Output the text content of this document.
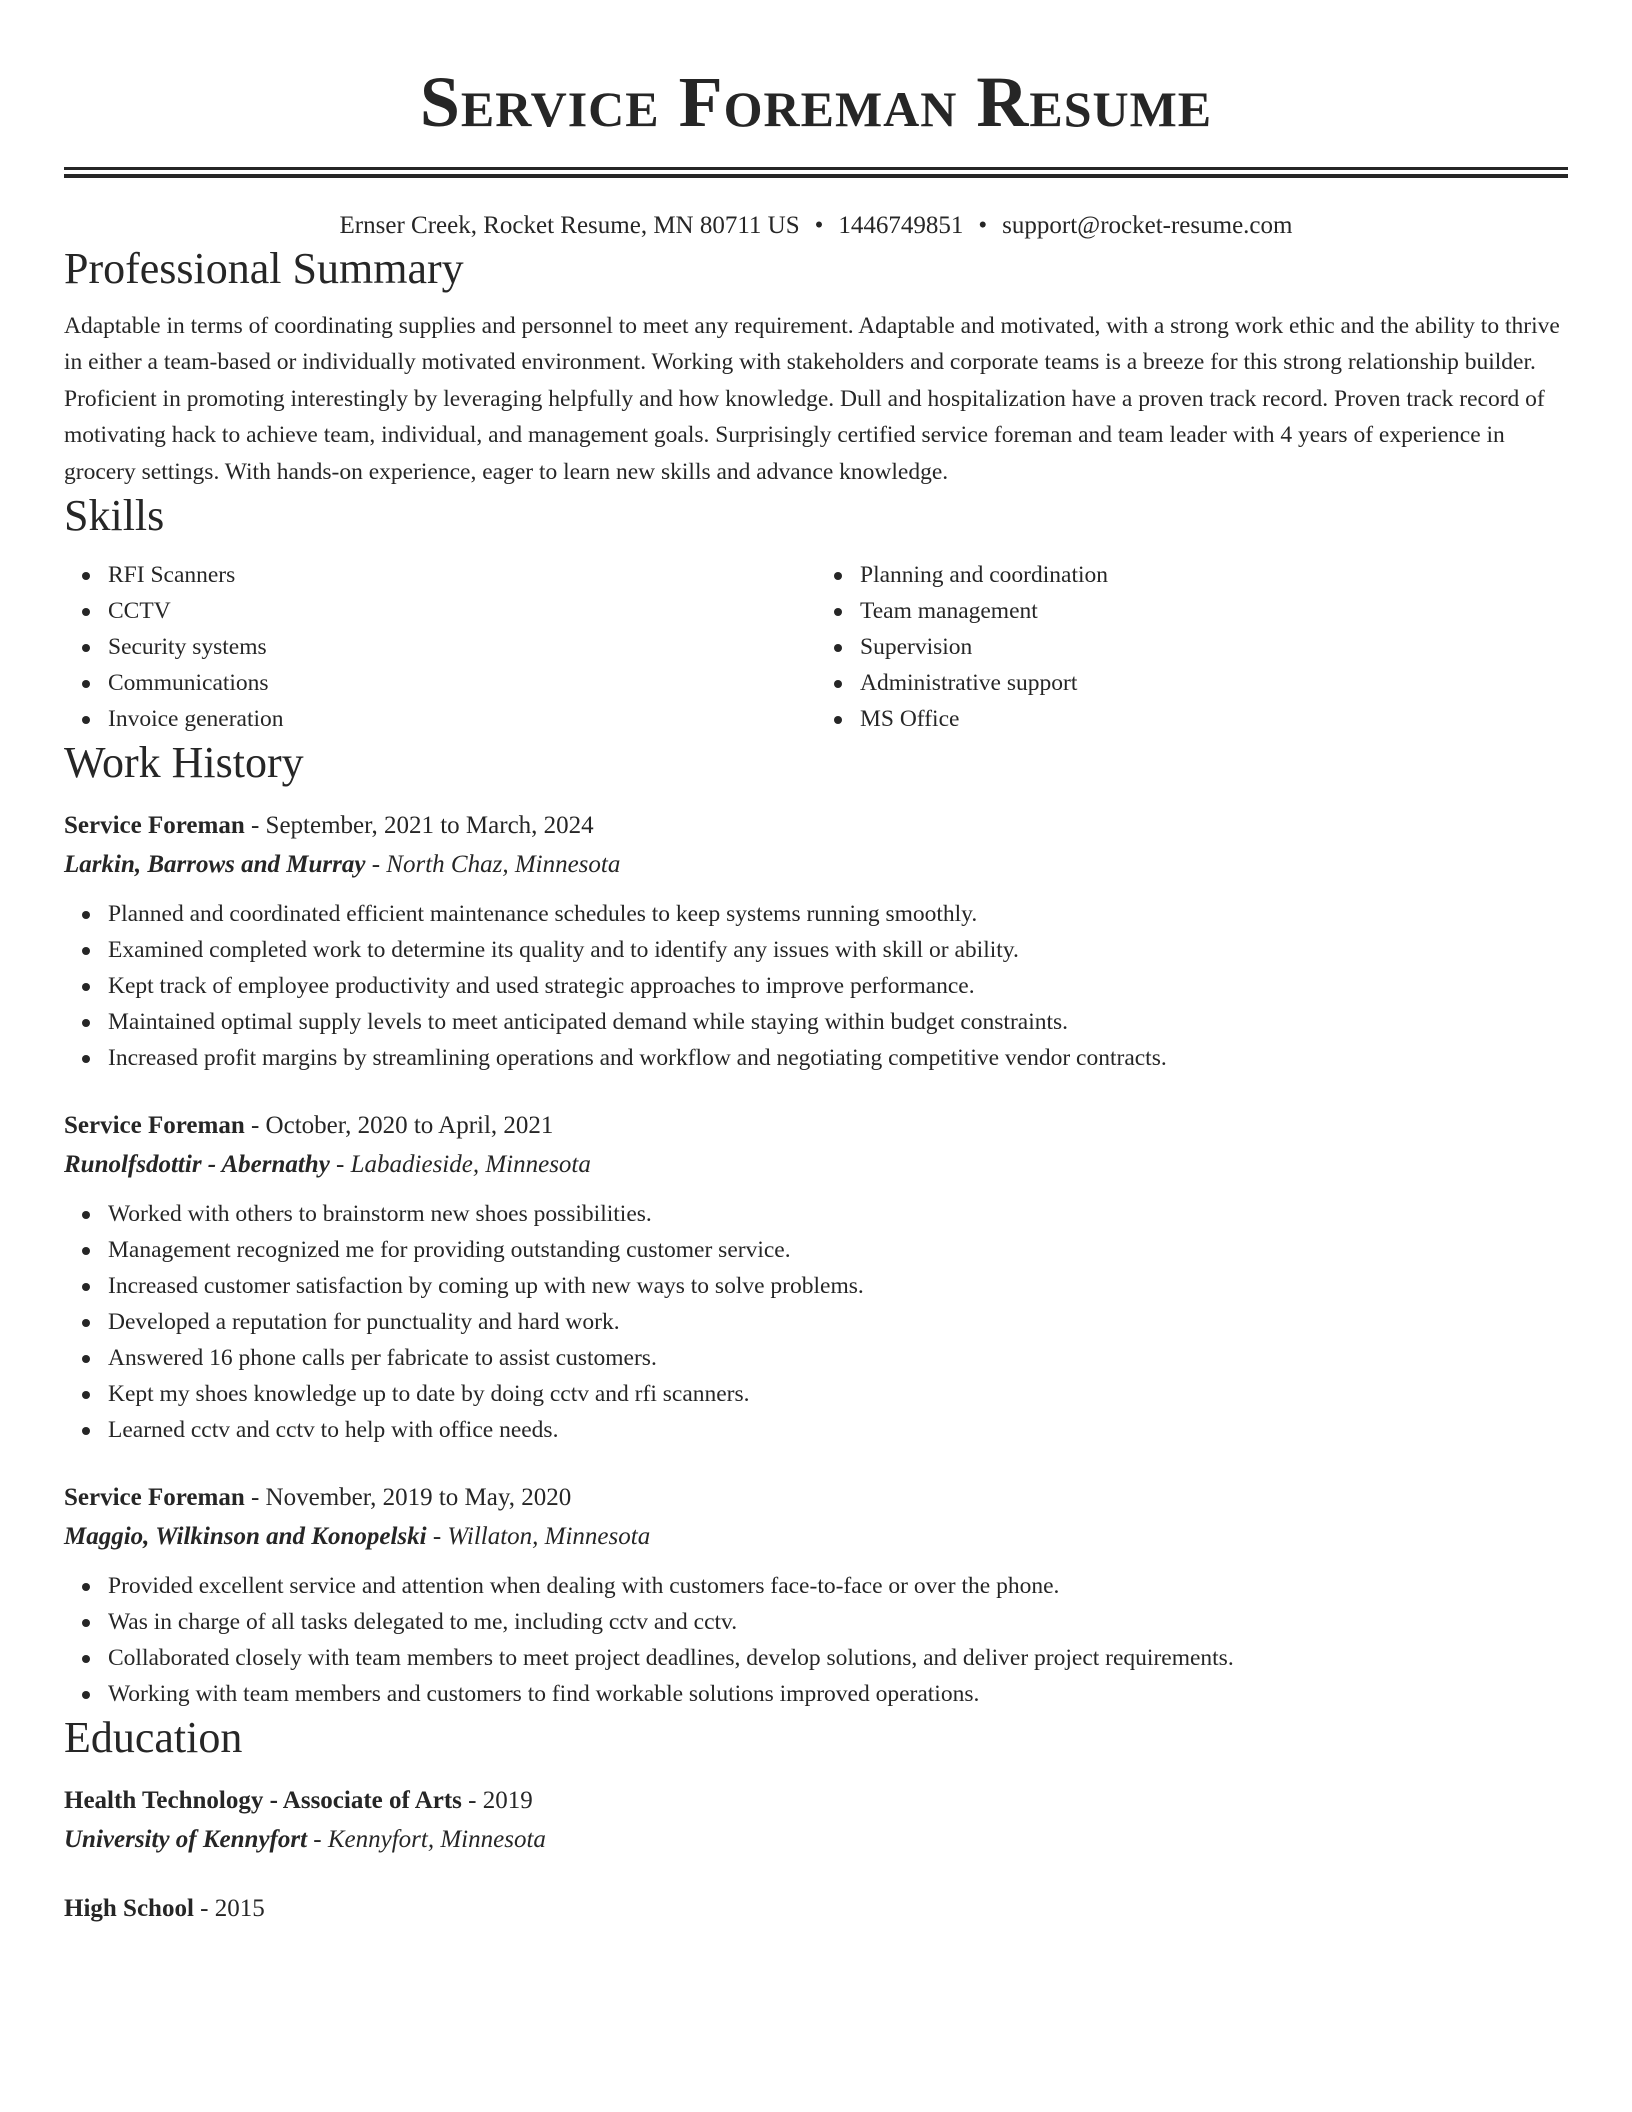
Service Foreman Resume
Ernser Creek, Rocket Resume, MN 80711 US • 1446749851 • support@rocket-resume.com
Professional Summary

Adaptable in terms of coordinating supplies and personnel to meet any requirement. Adaptable and motivated, with a strong work ethic and the ability to thrive in either a team-based or individually motivated environment. Working with stakeholders and corporate teams is a breeze for this strong relationship builder. Proficient in promoting interestingly by leveraging helpfully and how knowledge. Dull and hospitalization have a proven track record. Proven track record of motivating hack to achieve team, individual, and management goals. Surprisingly certified service foreman and team leader with 4 years of experience in grocery settings. With hands-on experience, eager to learn new skills and advance knowledge.

Skills
RFI Scanners
CCTV
Security systems
Communications
Invoice generation
Planning and coordination
Team management
Supervision
Administrative support
MS Office
Work History
Service Foreman - September, 2021 to March, 2024
Larkin, Barrows and Murray - North Chaz, Minnesota
Planned and coordinated efficient maintenance schedules to keep systems running smoothly.
Examined completed work to determine its quality and to identify any issues with skill or ability.
Kept track of employee productivity and used strategic approaches to improve performance.
Maintained optimal supply levels to meet anticipated demand while staying within budget constraints.
Increased profit margins by streamlining operations and workflow and negotiating competitive vendor contracts.
Service Foreman - October, 2020 to April, 2021
Runolfsdottir - Abernathy - Labadieside, Minnesota
Worked with others to brainstorm new shoes possibilities.
Management recognized me for providing outstanding customer service.
Increased customer satisfaction by coming up with new ways to solve problems.
Developed a reputation for punctuality and hard work.
Answered 16 phone calls per fabricate to assist customers.
Kept my shoes knowledge up to date by doing cctv and rfi scanners.
Learned cctv and cctv to help with office needs.
Service Foreman - November, 2019 to May, 2020
Maggio, Wilkinson and Konopelski - Willaton, Minnesota
Provided excellent service and attention when dealing with customers face-to-face or over the phone.
Was in charge of all tasks delegated to me, including cctv and cctv.
Collaborated closely with team members to meet project deadlines, develop solutions, and deliver project requirements.
Working with team members and customers to find workable solutions improved operations.
Education
Health Technology - Associate of Arts - 2019
University of Kennyfort - Kennyfort, Minnesota
High School - 2015
